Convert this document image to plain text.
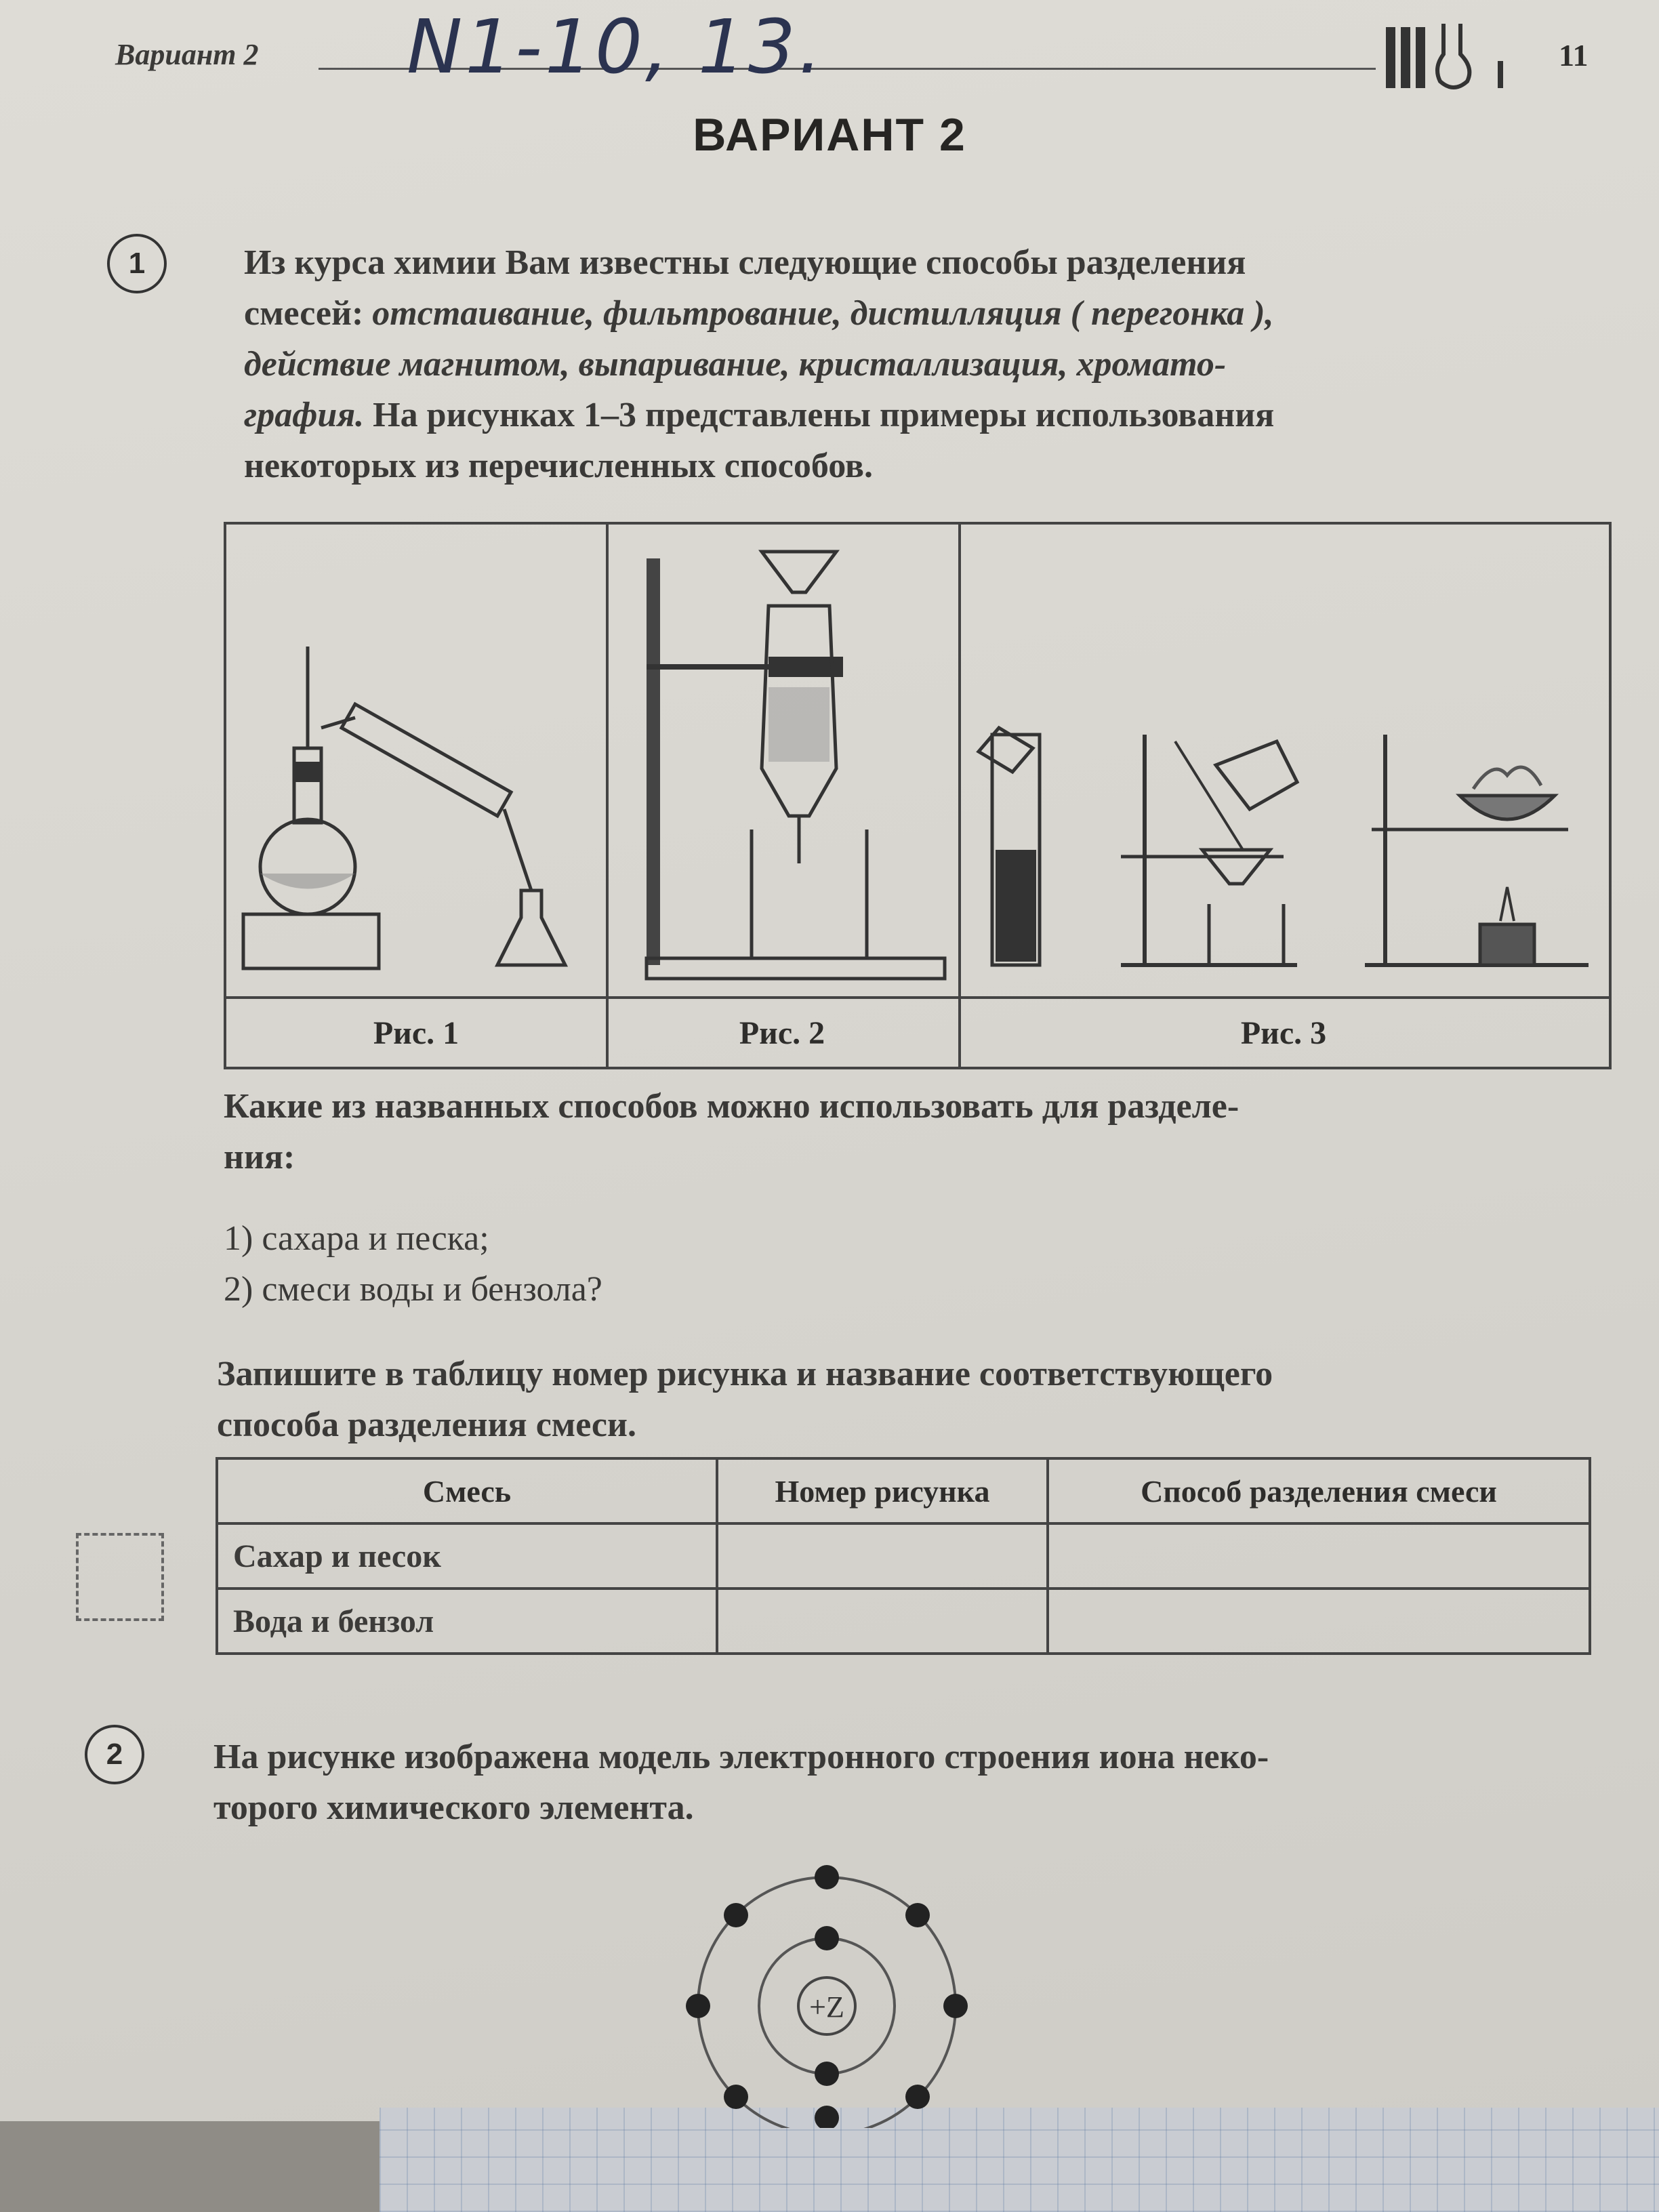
Вариант 2 N1-10, 13.	11
ВАРИАНТ 2
1	Из курса химии Вам известны следующие способы разделения
смесей: отстаивание, фильтрование, дистилляция ( перегонка ),
действие магнитом, выпаривание, кристаллизация, хромато-
графия. На рисунках 1–3 представлены примеры использования
некоторых из перечисленных способов.
Рис. 1	Рис. 2	Рис. 3
Какие из названных способов можно использовать для разделе-
ния:
1) сахара и песка;
2) смеси воды и бензола?
Запишите в таблицу номер рисунка и название соответствующего
способа разделения смеси.
Смесь	Номер рисунка	Способ разделения смеси
Сахар и песок		
Вода и бензол		
2	На рисунке изображена модель электронного строения иона неко-
торого химического элемента.
+Z
